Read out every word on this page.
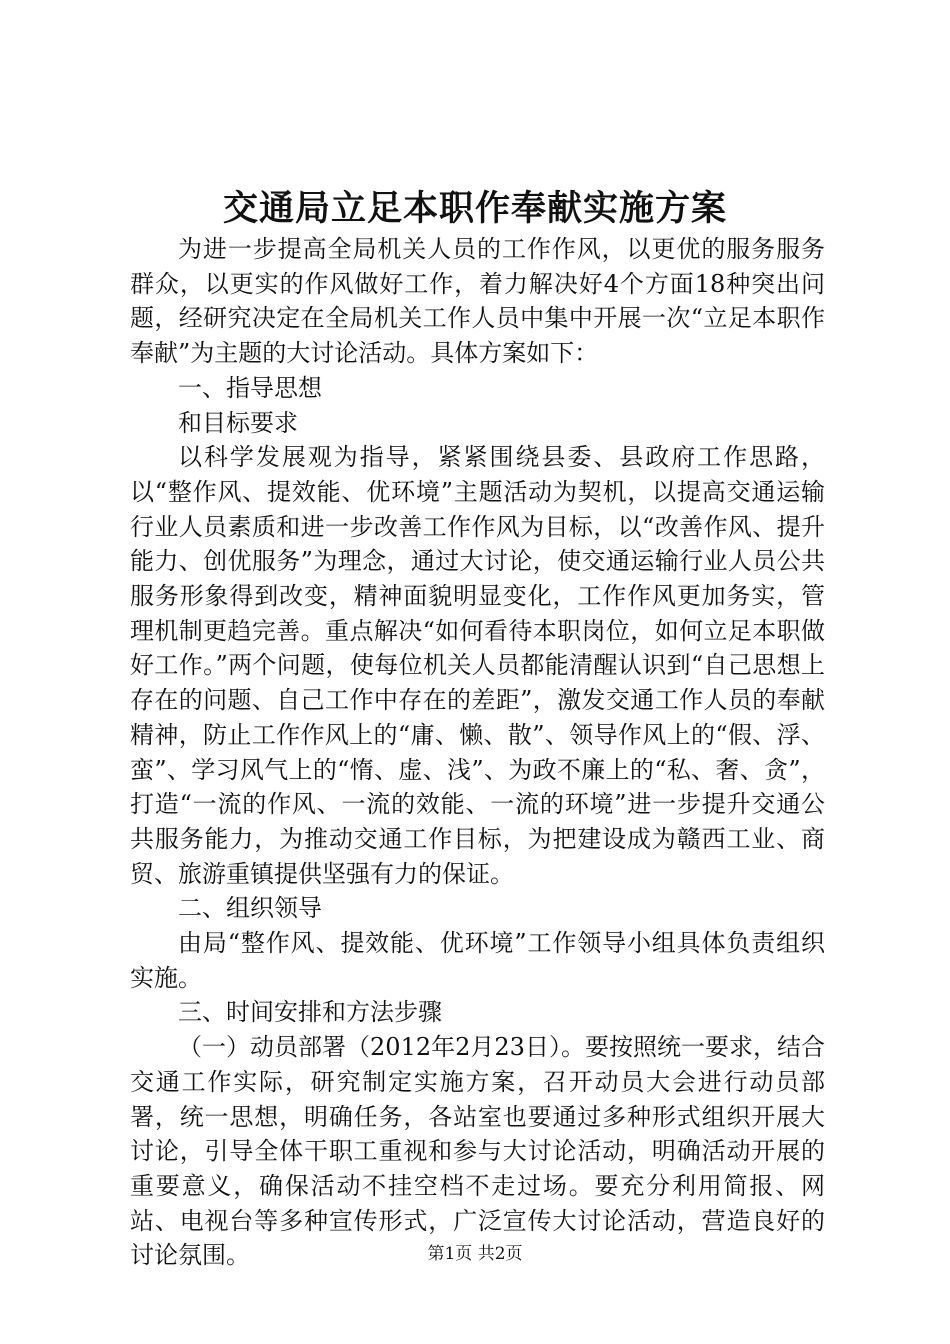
交通局立足本职作奉献实施方案

为进一步提高全局机关人员的工作作风，以更优的服务服务群众，以更实的作风做好工作，着力解决好4个方面18种突出问题，经研究决定在全局机关工作人员中集中开展一次“立足本职作奉献”为主题的大讨论活动。具体方案如下：

一、指导思想

和目标要求

以科学发展观为指导，紧紧围绕县委、县政府工作思路，以“整作风、提效能、优环境”主题活动为契机，以提高交通运输行业人员素质和进一步改善工作作风为目标，以“改善作风、提升能力、创优服务”为理念，通过大讨论，使交通运输行业人员公共服务形象得到改变，精神面貌明显变化，工作作风更加务实，管理机制更趋完善。重点解决“如何看待本职岗位，如何立足本职做好工作。”两个问题，使每位机关人员都能清醒认识到“自己思想上存在的问题、自己工作中存在的差距”，激发交通工作人员的奉献精神，防止工作作风上的“庸、懒、散”、领导作风上的“假、浮、蛮”、学习风气上的“惰、虚、浅”、为政不廉上的“私、奢、贪”，打造“一流的作风、一流的效能、一流的环境”进一步提升交通公共服务能力，为推动交通工作目标，为把建设成为赣西工业、商贸、旅游重镇提供坚强有力的保证。

二、组织领导

由局“整作风、提效能、优环境”工作领导小组具体负责组织实施。

三、时间安排和方法步骤

（一）动员部署（2012年2月23日）。要按照统一要求，结合交通工作实际，研究制定实施方案，召开动员大会进行动员部署，统一思想，明确任务，各站室也要通过多种形式组织开展大讨论，引导全体干职工重视和参与大讨论活动，明确活动开展的重要意义，确保活动不挂空档不走过场。要充分利用简报、网站、电视台等多种宣传形式，广泛宣传大讨论活动，营造良好的讨论氛围。	第1页 共2页
